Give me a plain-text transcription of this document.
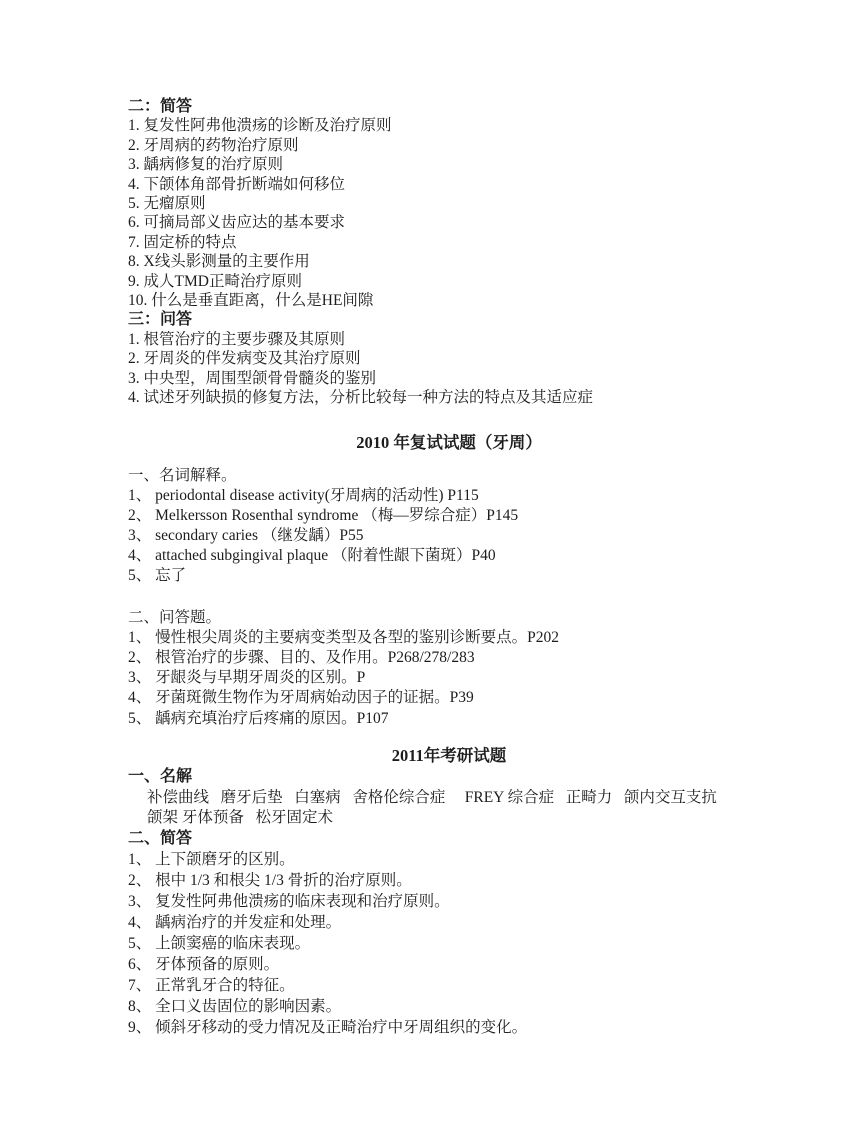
二：简答
1. 复发性阿弗他溃疡的诊断及治疗原则
2. 牙周病的药物治疗原则
3. 龋病修复的治疗原则
4. 下颌体角部骨折断端如何移位
5. 无瘤原则
6. 可摘局部义齿应达的基本要求
7. 固定桥的特点
8. X线头影测量的主要作用
9. 成人TMD正畸治疗原则
10. 什么是垂直距离，什么是HE间隙
三：问答
1. 根管治疗的主要步骤及其原则
2. 牙周炎的伴发病变及其治疗原则
3. 中央型，周围型颌骨骨髓炎的鉴别
4. 试述牙列缺损的修复方法，分析比较每一种方法的特点及其适应症
2010 年复试试题（牙周）
一、名词解释。
1、 periodontal disease activity(牙周病的活动性) P115
2、 Melkersson Rosenthal syndrome （梅—罗综合症）P145
3、 secondary caries （继发龋）P55
4、 attached subgingival plaque （附着性龈下菌斑）P40
5、 忘了
二、问答题。
1、 慢性根尖周炎的主要病变类型及各型的鉴别诊断要点。P202
2、 根管治疗的步骤、目的、及作用。P268/278/283
3、 牙龈炎与早期牙周炎的区别。P
4、 牙菌斑微生物作为牙周病始动因子的证据。P39
5、 龋病充填治疗后疼痛的原因。P107
2011年考研试题
一、名解
补偿曲线   磨牙后垫   白塞病   舍格伦综合症     FREY 综合症   正畸力   颌内交互支抗
颌架 牙体预备   松牙固定术
二、简答
1、 上下颌磨牙的区别。
2、 根中 1/3 和根尖 1/3 骨折的治疗原则。
3、 复发性阿弗他溃疡的临床表现和治疗原则。
4、 龋病治疗的并发症和处理。
5、 上颌窦癌的临床表现。
6、 牙体预备的原则。
7、 正常乳牙合的特征。
8、 全口义齿固位的影响因素。
9、 倾斜牙移动的受力情况及正畸治疗中牙周组织的变化。
